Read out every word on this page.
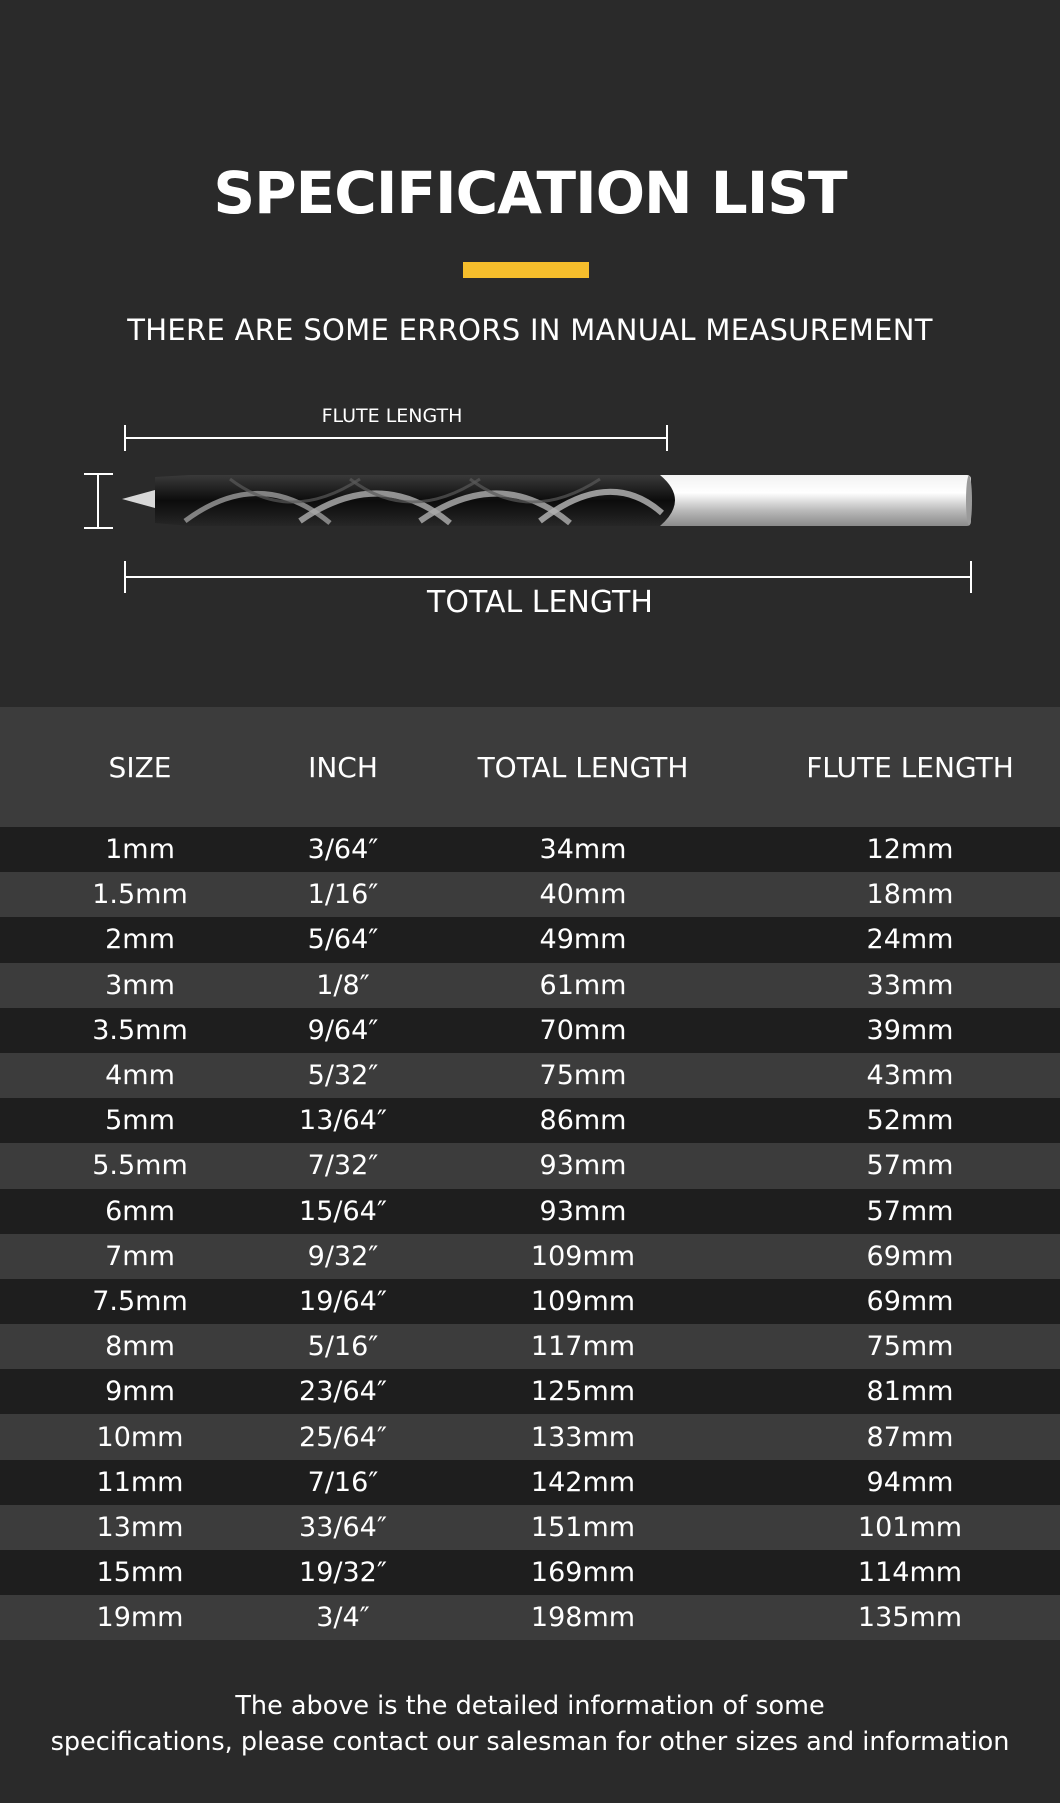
SPECIFICATION LIST
THERE ARE SOME ERRORS IN MANUAL MEASUREMENT
FLUTE LENGTH
TOTAL LENGTH
SIZE	INCH	TOTAL LENGTH	FLUTE LENGTH
1mm	3/64″	34mm	12mm
1.5mm	1/16″	40mm	18mm
2mm	5/64″	49mm	24mm
3mm	1/8″	61mm	33mm
3.5mm	9/64″	70mm	39mm
4mm	5/32″	75mm	43mm
5mm	13/64″	86mm	52mm
5.5mm	7/32″	93mm	57mm
6mm	15/64″	93mm	57mm
7mm	9/32″	109mm	69mm
7.5mm	19/64″	109mm	69mm
8mm	5/16″	117mm	75mm
9mm	23/64″	125mm	81mm
10mm	25/64″	133mm	87mm
11mm	7/16″	142mm	94mm
13mm	33/64″	151mm	101mm
15mm	19/32″	169mm	114mm
19mm	3/4″	198mm	135mm
The above is the detailed information of some
specifications, please contact our salesman for other sizes and information
